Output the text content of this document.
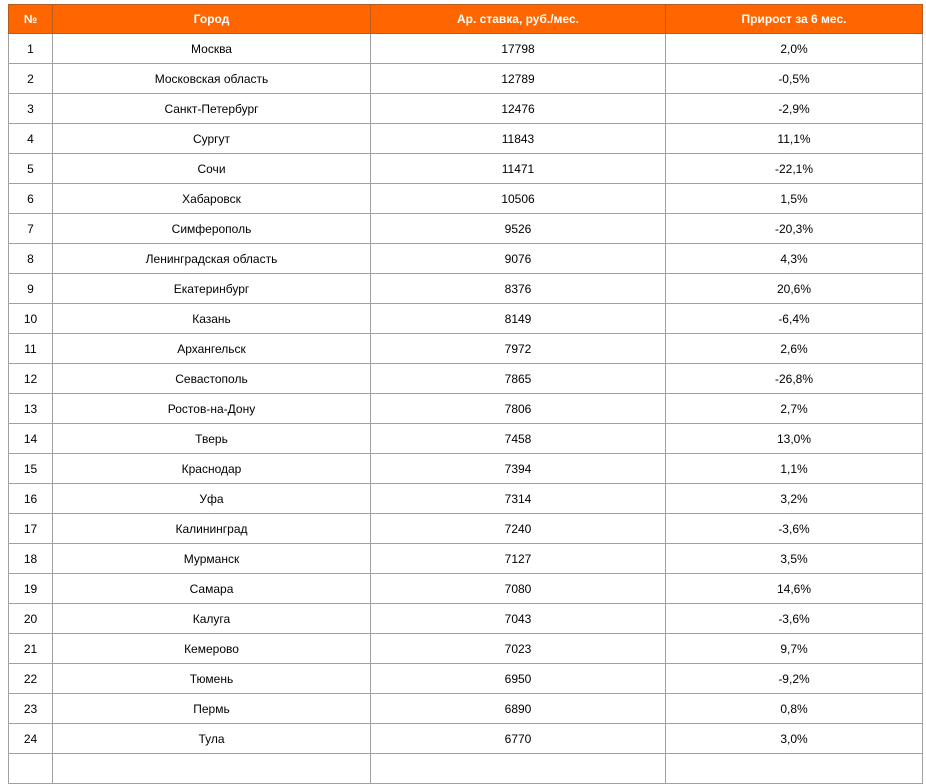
№	Город	Ар. ставка, руб./мес.	Прирост за 6 мес.
1	Москва	17798	2,0%
2	Московская область	12789	-0,5%
3	Санкт-Петербург	12476	-2,9%
4	Сургут	11843	11,1%
5	Сочи	11471	-22,1%
6	Хабаровск	10506	1,5%
7	Симферополь	9526	-20,3%
8	Ленинградская область	9076	4,3%
9	Екатеринбург	8376	20,6%
10	Казань	8149	-6,4%
11	Архангельск	7972	2,6%
12	Севастополь	7865	-26,8%
13	Ростов-на-Дону	7806	2,7%
14	Тверь	7458	13,0%
15	Краснодар	7394	1,1%
16	Уфа	7314	3,2%
17	Калининград	7240	-3,6%
18	Мурманск	7127	3,5%
19	Самара	7080	14,6%
20	Калуга	7043	-3,6%
21	Кемерово	7023	9,7%
22	Тюмень	6950	-9,2%
23	Пермь	6890	0,8%
24	Тула	6770	3,0%
